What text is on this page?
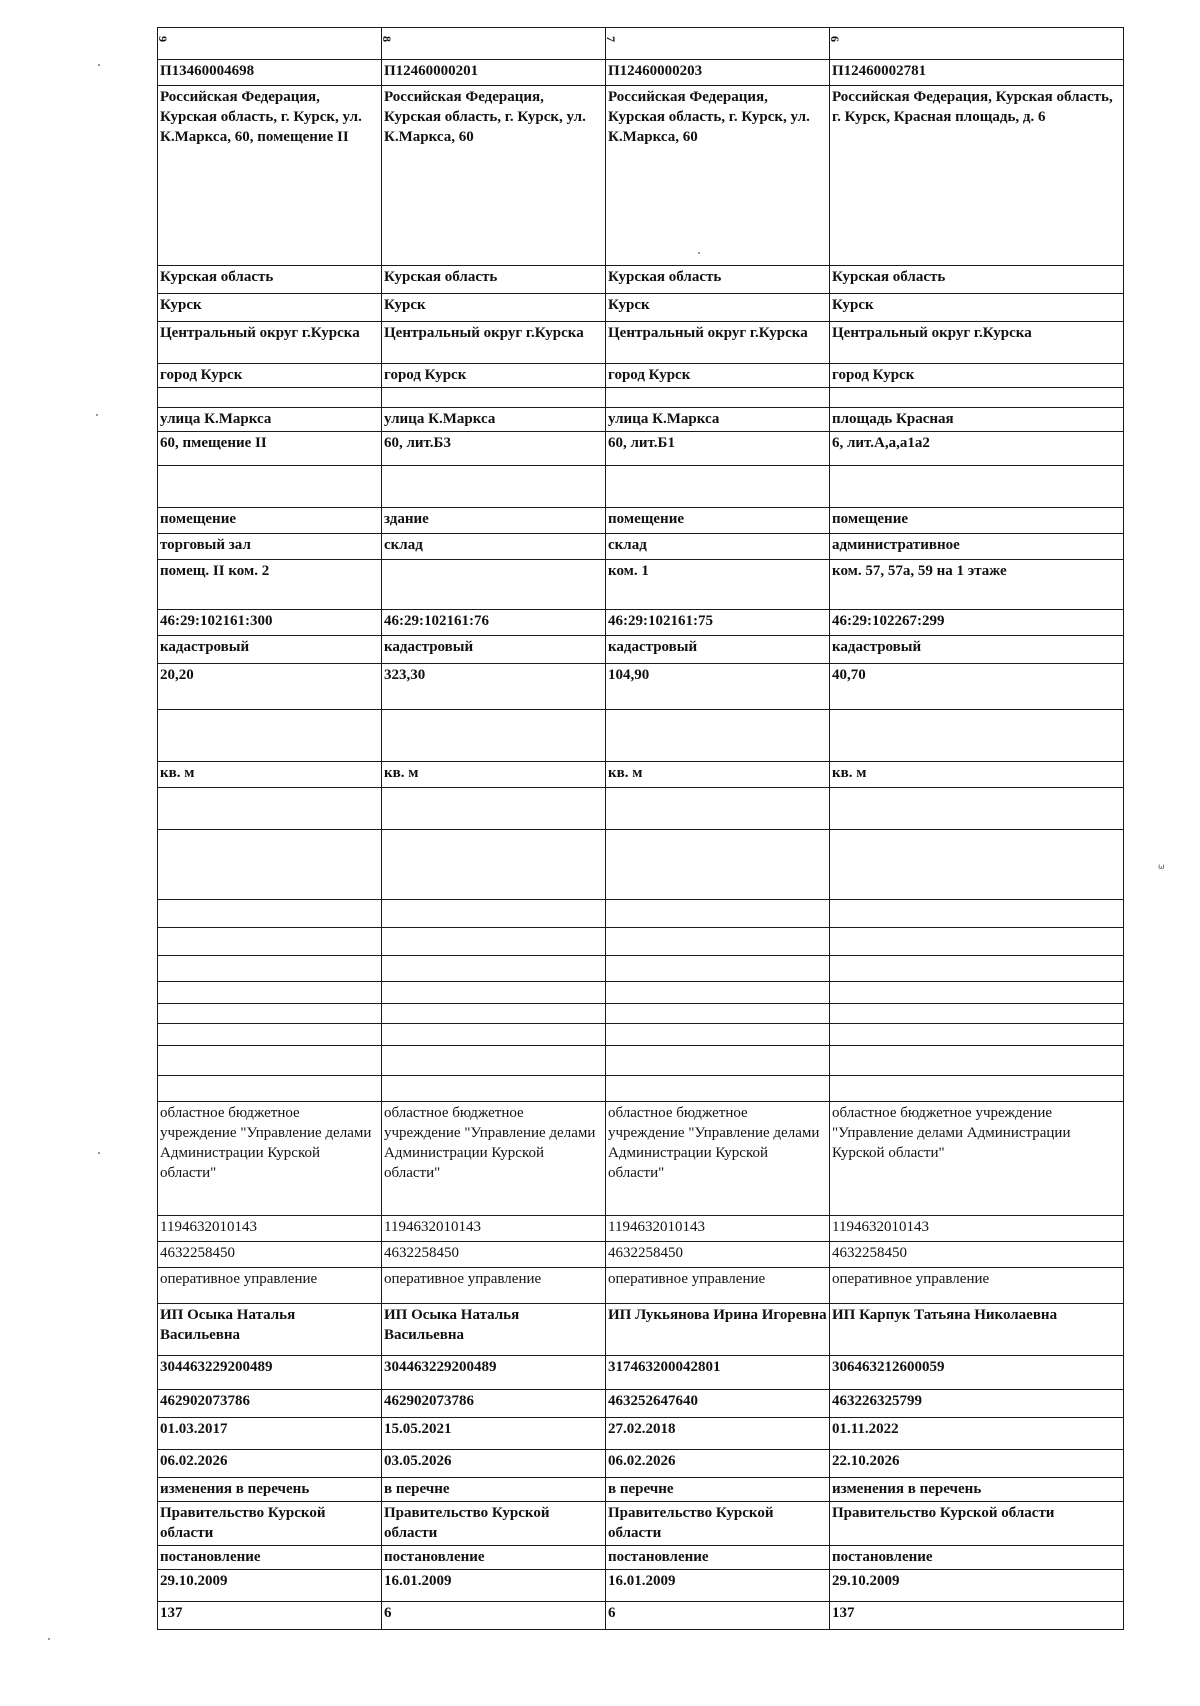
9	8	7	6
П13460004698	П12460000201	П12460000203	П12460002781
Российская Федерация, Курская область, г. Курск, ул. К.Маркса, 60, помещение II	Российская Федерация, Курская область, г. Курск, ул. К.Маркса, 60	Российская Федерация, Курская область, г. Курск, ул. К.Маркса, 60	Российская Федерация, Курская область, г. Курск, Красная площадь, д. 6
Курская область	Курская область	Курская область	Курская область
Курск	Курск	Курск	Курск
Центральный округ г.Курска	Центральный округ г.Курска	Центральный округ г.Курска	Центральный округ г.Курска
город Курск	город Курск	город Курск	город Курск

улица К.Маркса	улица К.Маркса	улица К.Маркса	площадь Красная
60, пмещение II	60, лит.Б3	60, лит.Б1	6, лит.А,а,а1а2

помещение	здание	помещение	помещение
торговый зал	склад	склад	административное
помещ. II ком. 2		ком. 1	ком. 57, 57а, 59 на 1 этаже
46:29:102161:300	46:29:102161:76	46:29:102161:75	46:29:102267:299
кадастровый	кадастровый	кадастровый	кадастровый
20,20	323,30	104,90	40,70

кв. м	кв. м	кв. м	кв. м

областное бюджетное учреждение "Управление делами Администрации Курской области"	областное бюджетное учреждение "Управление делами Администрации Курской области"	областное бюджетное учреждение "Управление делами Администрации Курской области"	областное бюджетное учреждение "Управление делами Администрации Курской области"
1194632010143	1194632010143	1194632010143	1194632010143
4632258450	4632258450	4632258450	4632258450
оперативное управление	оперативное управление	оперативное управление	оперативное управление
ИП Осыка Наталья Васильевна	ИП Осыка Наталья Васильевна	ИП Лукьянова Ирина Игоревна	ИП Карпук Татьяна Николаевна
304463229200489	304463229200489	317463200042801	306463212600059
462902073786	462902073786	463252647640	463226325799
01.03.2017	15.05.2021	27.02.2018	01.11.2022
06.02.2026	03.05.2026	06.02.2026	22.10.2026
изменения в перечень	в перечне	в перечне	изменения в перечень
Правительство Курской области	Правительство Курской области	Правительство Курской области	Правительство Курской области
постановление	постановление	постановление	постановление
29.10.2009	16.01.2009	16.01.2009	29.10.2009
137	6	6	137
ω
